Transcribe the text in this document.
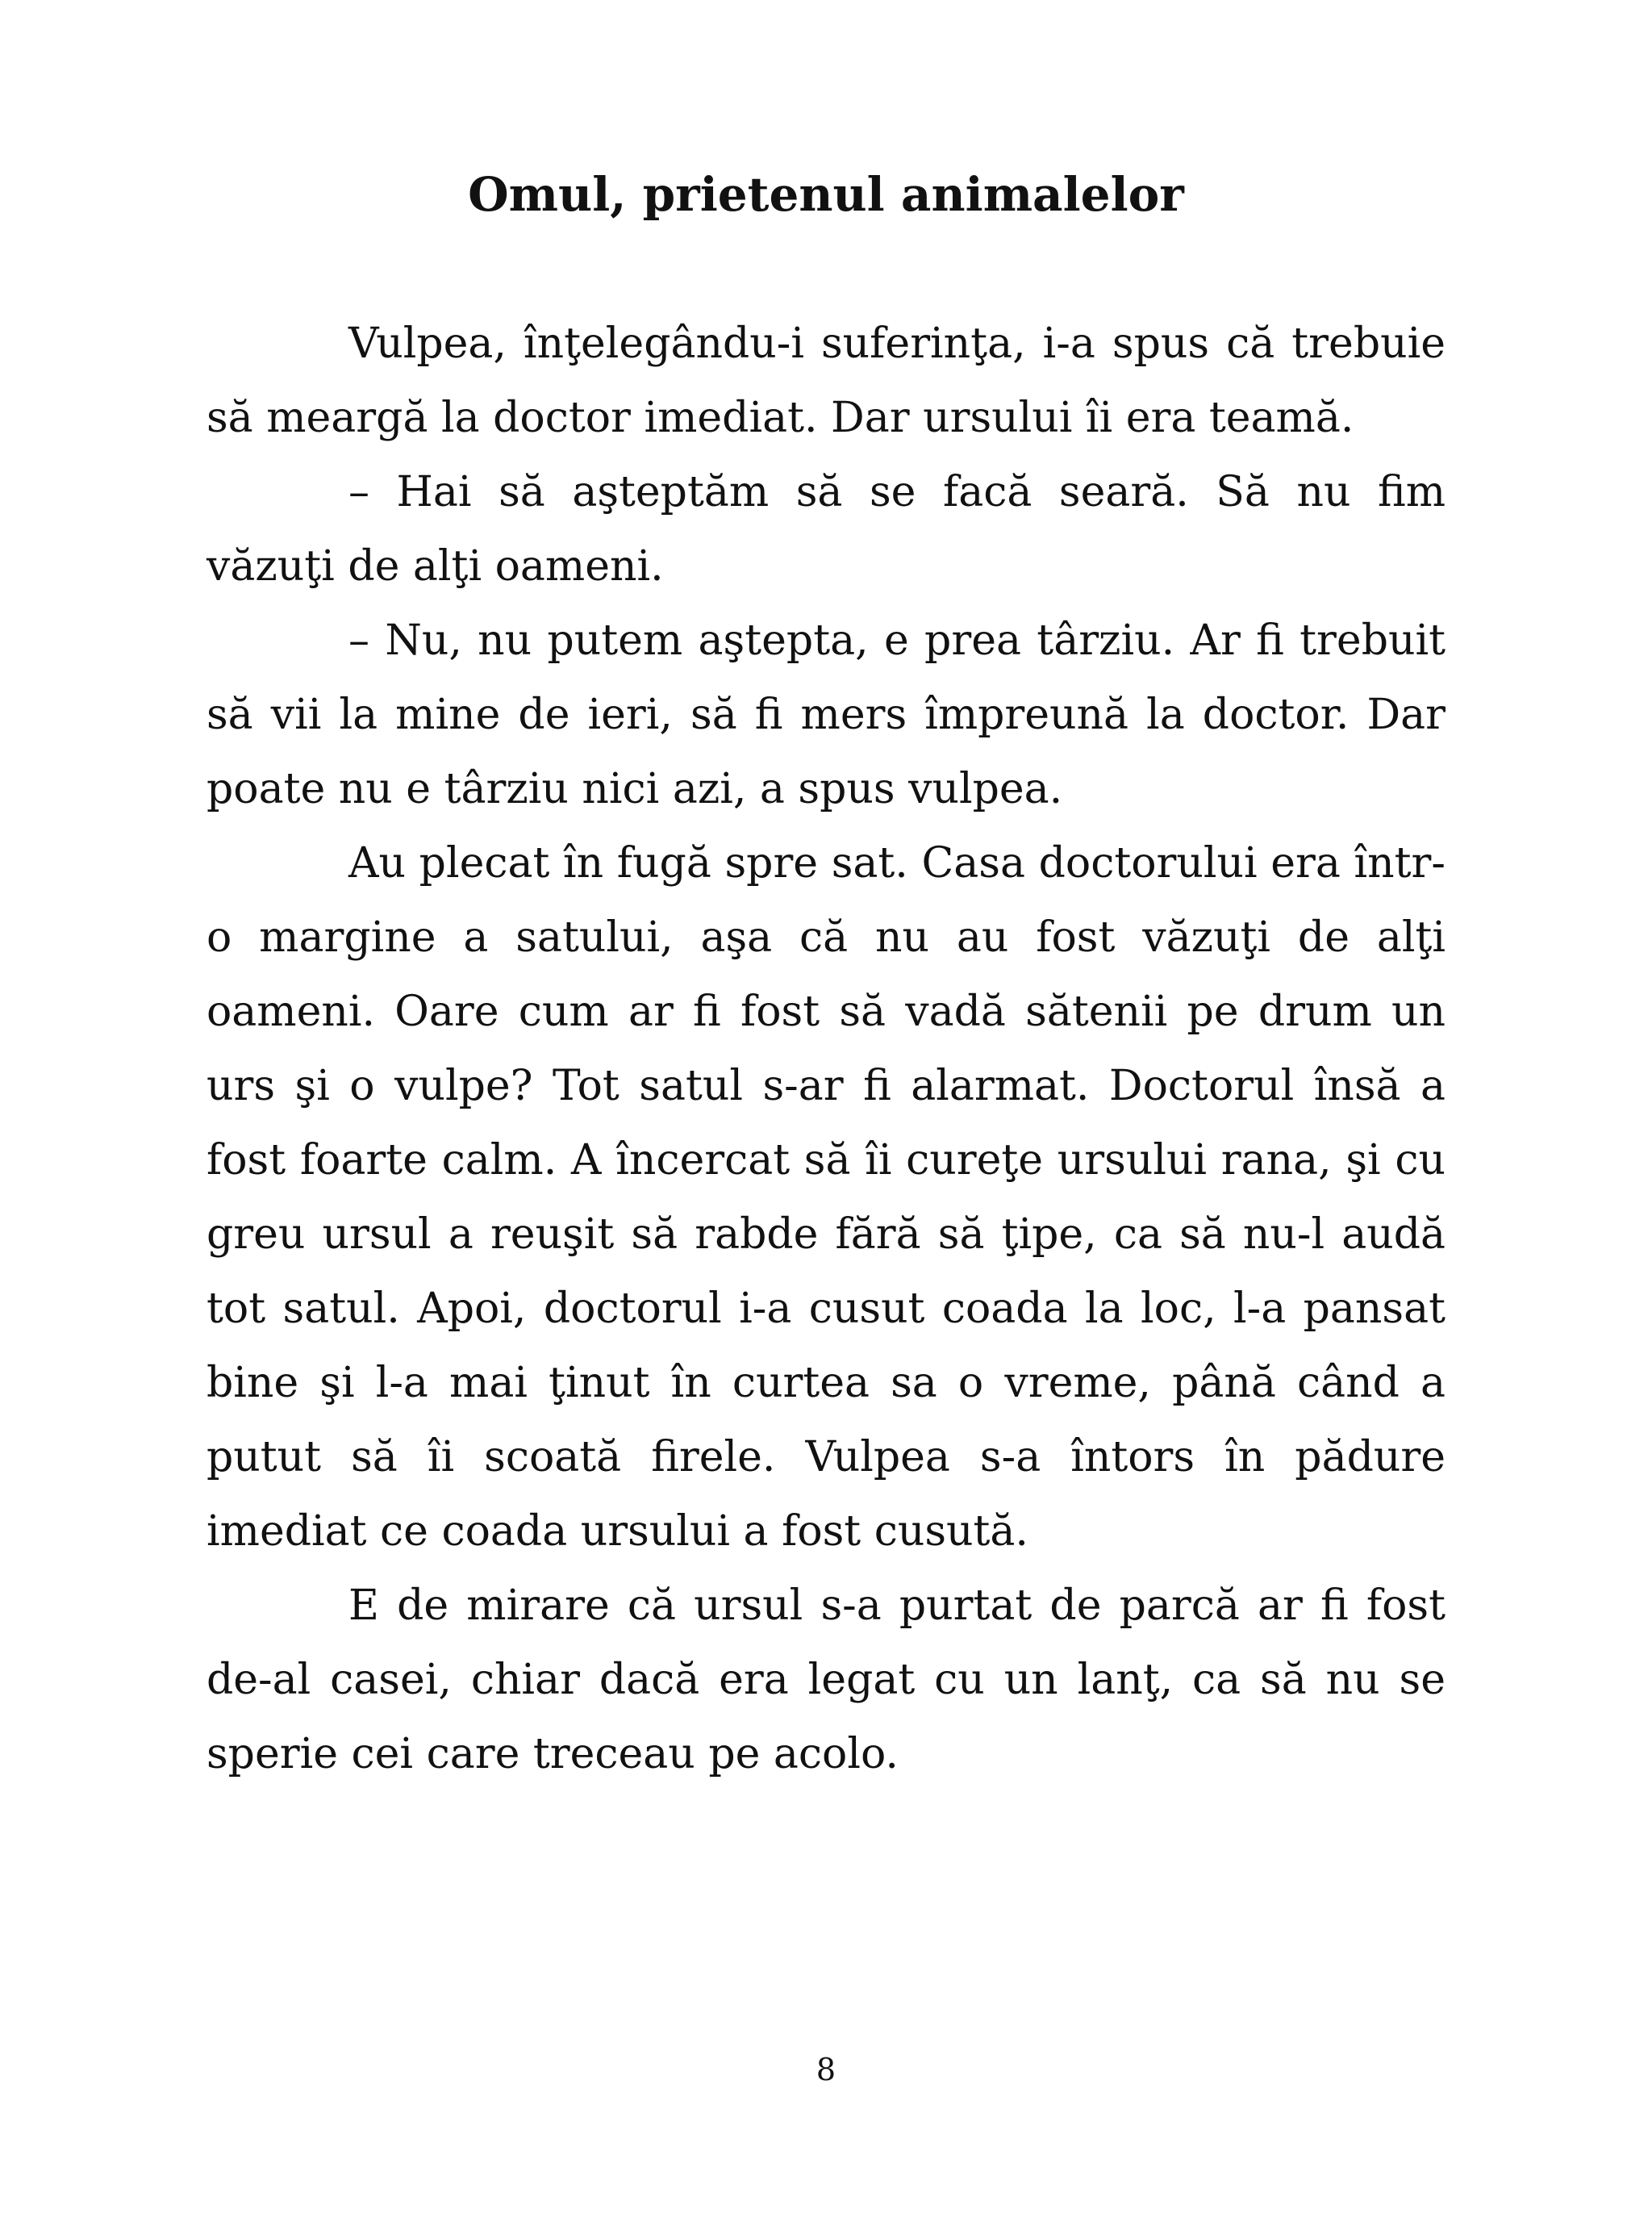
Omul, prietenul animalelor

Vulpea, înţelegându-i suferinţa, i-a spus că trebuie să meargă la doctor imediat. Dar ursului îi era teamă.

– Hai să aşteptăm să se facă seară. Să nu fim văzuţi de alţi oameni.

– Nu, nu putem aştepta, e prea târziu. Ar fi trebuit să vii la mine de ieri, să fi mers împreună la doctor. Dar poate nu e târziu nici azi, a spus vulpea.

Au plecat în fugă spre sat. Casa doctorului era într-o margine a satului, aşa că nu au fost văzuţi de alţi oameni. Oare cum ar fi fost să vadă sătenii pe drum un urs şi o vulpe? Tot satul s-ar fi alarmat. Doctorul însă a fost foarte calm. A încercat să îi cureţe ursului rana, şi cu greu ursul a reuşit să rabde fără să ţipe, ca să nu-l audă tot satul. Apoi, doctorul i-a cusut coada la loc, l-a pansat bine şi l-a mai ţinut în curtea sa o vreme, până când a putut să îi scoată firele. Vulpea s-a întors în pădure imediat ce coada ursului a fost cusută.

E de mirare că ursul s-a purtat de parcă ar fi fost de-al casei, chiar dacă era legat cu un lanţ, ca să nu se sperie cei care treceau pe acolo.

8
